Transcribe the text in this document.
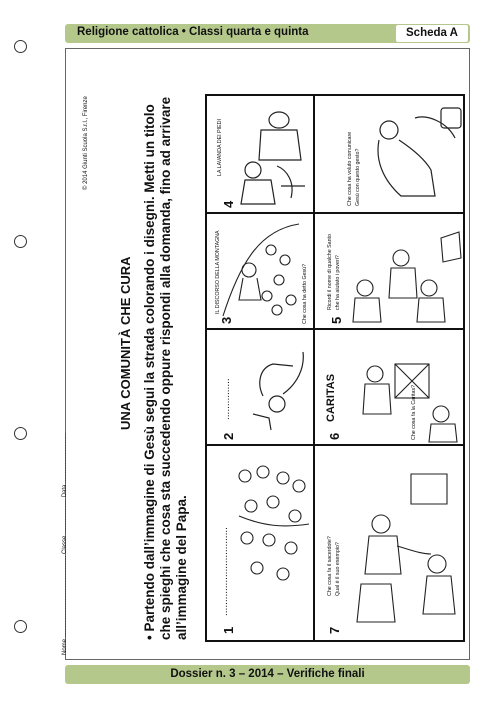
Religione cattolica • Classi quarta e quinta	Scheda A
© 2014 Giunti Scuola S.r.l., Firenze
Nome ................................................. Classe ..................... Data ..............................
UNA COMUNITÀ CHE CURA • Partendo dall’immagine di Gesù segui la strada colorando i disegni. Metti un titolo che spieghi che cosa sta succedendo oppure rispondi alla domanda, fino ad arrivare all’immagine del Papa.
4
LA LAVANDA DEI PIEDI	Che cosa ha voluto comunicare Gesù con questo gesto?
3
IL DISCORSO DELLA MONTAGNA	Che cosa ha detto Gesù? 5
Ricordi il nome di qualche Santo che ha aiutato i poveri?
2
...............
6
CARITAS	Che cosa fa la Caritas?
1
................................
7
Che cosa fa il sacerdote? Qual è il suo esempio?
Dossier n. 3 – 2014 – Verifiche finali
